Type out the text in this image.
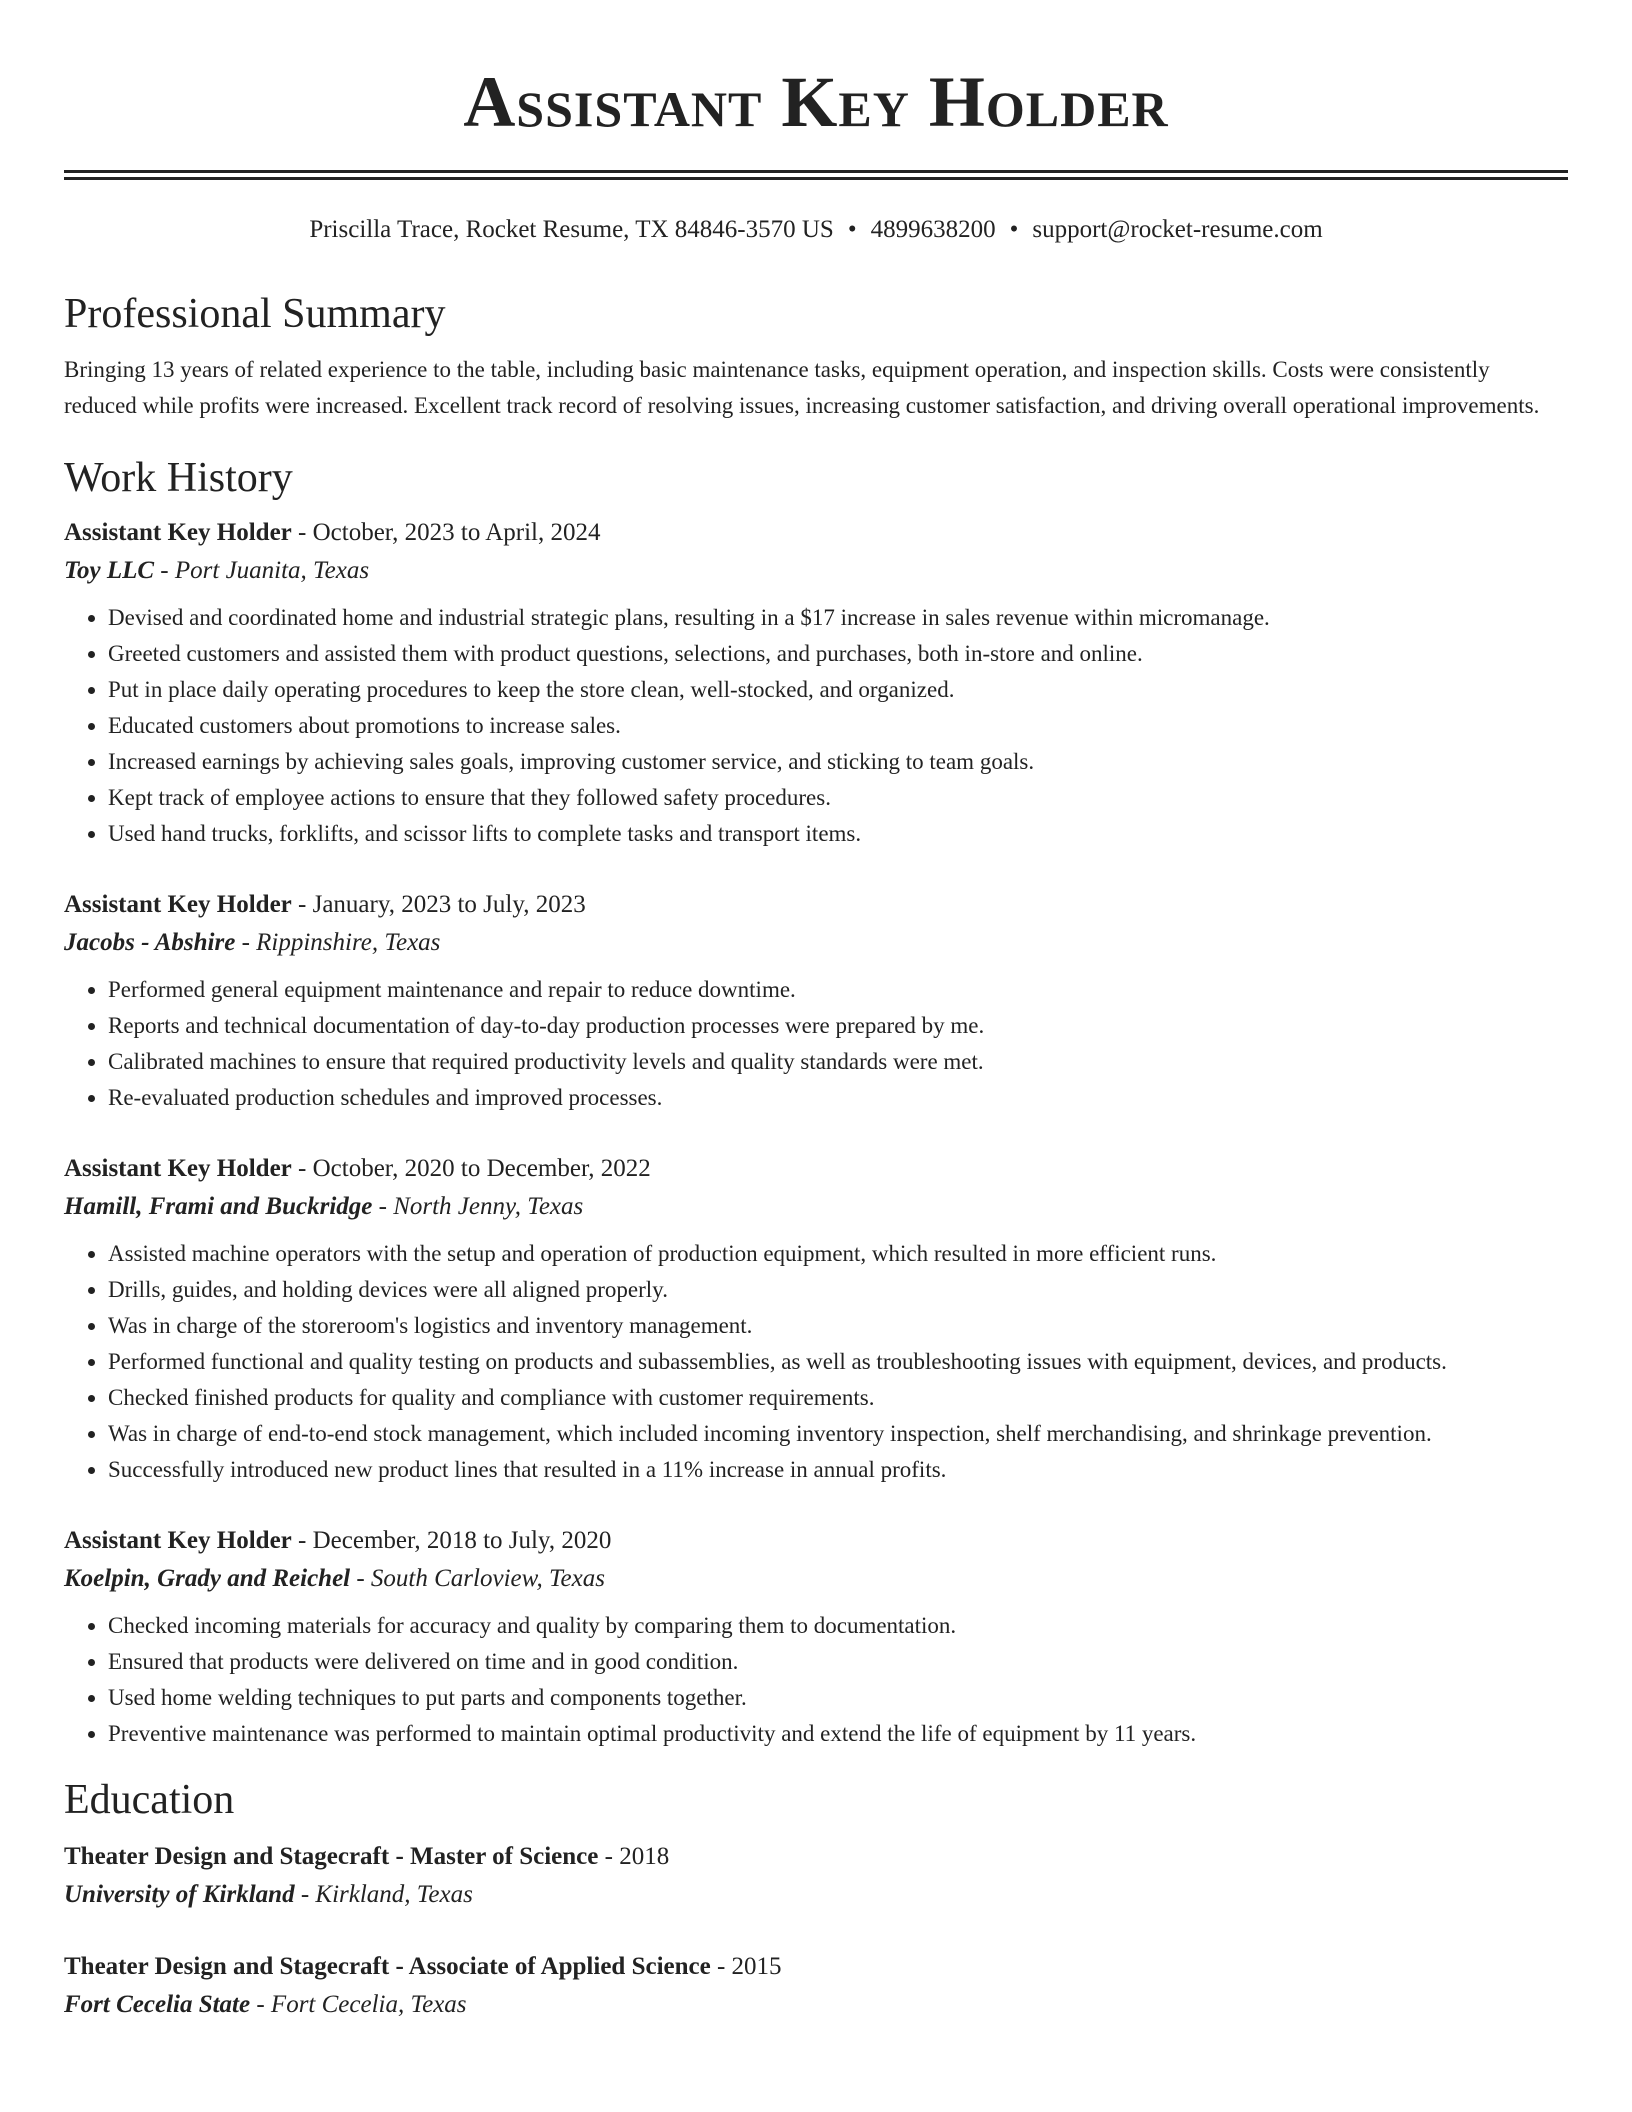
Assistant Key Holder
Priscilla Trace, Rocket Resume, TX 84846-3570 US • 4899638200 • support@rocket-resume.com
Professional Summary

Bringing 13 years of related experience to the table, including basic maintenance tasks, equipment operation, and inspection skills. Costs were consistently reduced while profits were increased. Excellent track record of resolving issues, increasing customer satisfaction, and driving overall operational improvements.

Work History
Assistant Key Holder - October, 2023 to April, 2024
Toy LLC - Port Juanita, Texas
• Devised and coordinated home and industrial strategic plans, resulting in a $17 increase in sales revenue within micromanage.
• Greeted customers and assisted them with product questions, selections, and purchases, both in-store and online.
• Put in place daily operating procedures to keep the store clean, well-stocked, and organized.
• Educated customers about promotions to increase sales.
• Increased earnings by achieving sales goals, improving customer service, and sticking to team goals.
• Kept track of employee actions to ensure that they followed safety procedures.
• Used hand trucks, forklifts, and scissor lifts to complete tasks and transport items.
Assistant Key Holder - January, 2023 to July, 2023
Jacobs - Abshire - Rippinshire, Texas
• Performed general equipment maintenance and repair to reduce downtime.
• Reports and technical documentation of day-to-day production processes were prepared by me.
• Calibrated machines to ensure that required productivity levels and quality standards were met.
• Re-evaluated production schedules and improved processes.
Assistant Key Holder - October, 2020 to December, 2022
Hamill, Frami and Buckridge - North Jenny, Texas
• Assisted machine operators with the setup and operation of production equipment, which resulted in more efficient runs.
• Drills, guides, and holding devices were all aligned properly.
• Was in charge of the storeroom's logistics and inventory management.
• Performed functional and quality testing on products and subassemblies, as well as troubleshooting issues with equipment, devices, and products.
• Checked finished products for quality and compliance with customer requirements.
• Was in charge of end-to-end stock management, which included incoming inventory inspection, shelf merchandising, and shrinkage prevention.
• Successfully introduced new product lines that resulted in a 11% increase in annual profits.
Assistant Key Holder - December, 2018 to July, 2020
Koelpin, Grady and Reichel - South Carloview, Texas
• Checked incoming materials for accuracy and quality by comparing them to documentation.
• Ensured that products were delivered on time and in good condition.
• Used home welding techniques to put parts and components together.
• Preventive maintenance was performed to maintain optimal productivity and extend the life of equipment by 11 years.
Education
Theater Design and Stagecraft - Master of Science - 2018
University of Kirkland - Kirkland, Texas
Theater Design and Stagecraft - Associate of Applied Science - 2015
Fort Cecelia State - Fort Cecelia, Texas
